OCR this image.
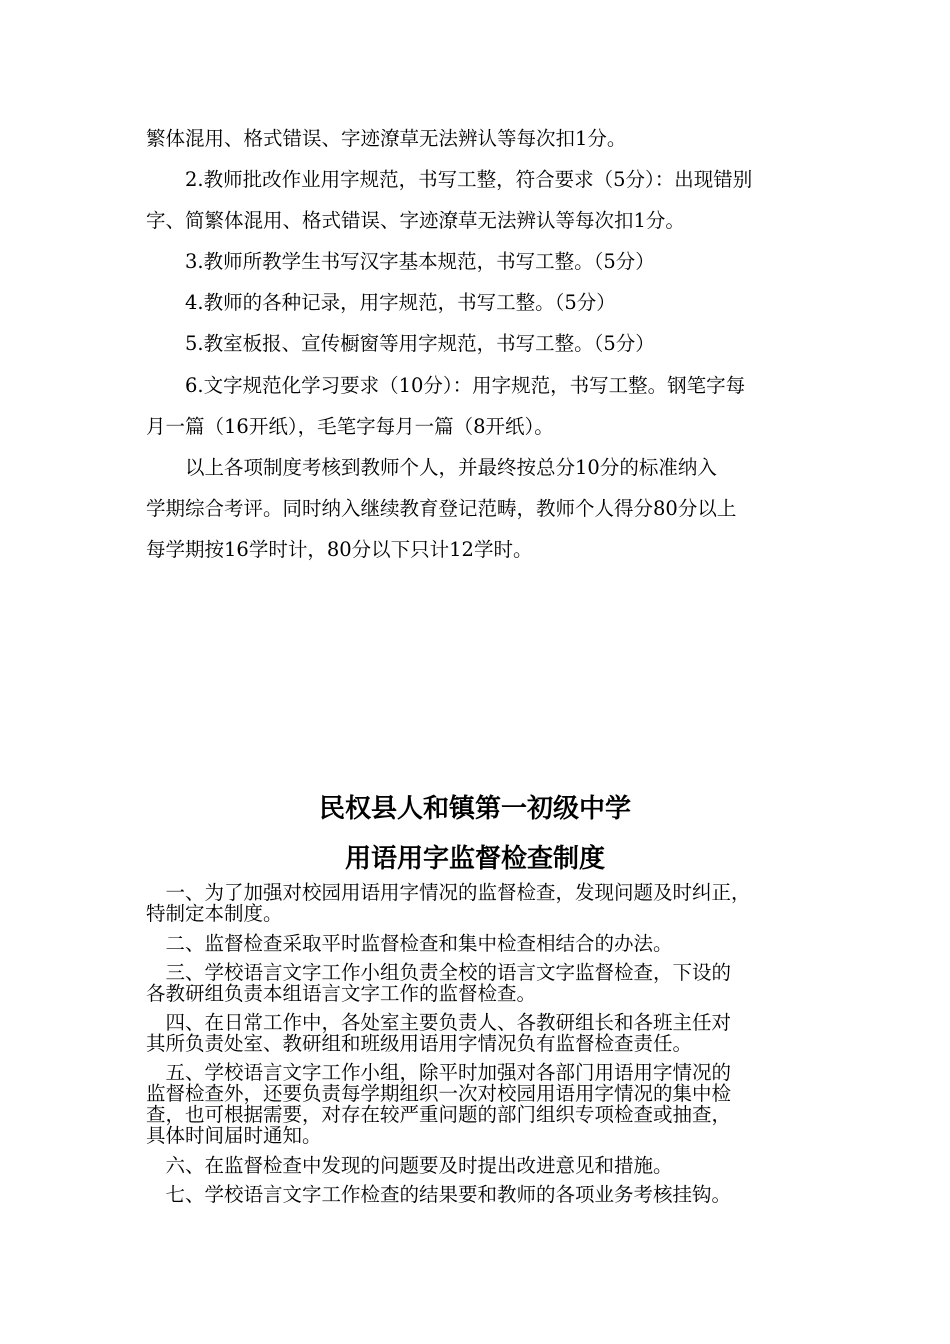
繁体混用、格式错误、字迹潦草无法辨认等每次扣1分。

　　2.教师批改作业用字规范，书写工整，符合要求（5分）：出现错别

字、简繁体混用、格式错误、字迹潦草无法辨认等每次扣1分。

　　3.教师所教学生书写汉字基本规范，书写工整。（5分）

　　4.教师的各种记录，用字规范，书写工整。（5分）

　　5.教室板报、宣传橱窗等用字规范，书写工整。（5分）

　　6.文字规范化学习要求（10分）：用字规范，书写工整。钢笔字每

月一篇（16开纸），毛笔字每月一篇（8开纸）。

　　以上各项制度考核到教师个人，并最终按总分10分的标准纳入

学期综合考评。同时纳入继续教育登记范畴，教师个人得分80分以上

每学期按16学时计，80分以下只计12学时。

民权县人和镇第一初级中学
用语用字监督检查制度

　一、为了加强对校园用语用字情况的监督检查，发现问题及时纠正，

特制定本制度。

　二、监督检查采取平时监督检查和集中检查相结合的办法。

　三、学校语言文字工作小组负责全校的语言文字监督检查，下设的

各教研组负责本组语言文字工作的监督检查。

　四、在日常工作中，各处室主要负责人、各教研组长和各班主任对

其所负责处室、教研组和班级用语用字情况负有监督检查责任。

　五、学校语言文字工作小组，除平时加强对各部门用语用字情况的

监督检查外，还要负责每学期组织一次对校园用语用字情况的集中检

查，也可根据需要，对存在较严重问题的部门组织专项检查或抽查，

具体时间届时通知。

　六、在监督检查中发现的问题要及时提出改进意见和措施。

　七、学校语言文字工作检查的结果要和教师的各项业务考核挂钩。
